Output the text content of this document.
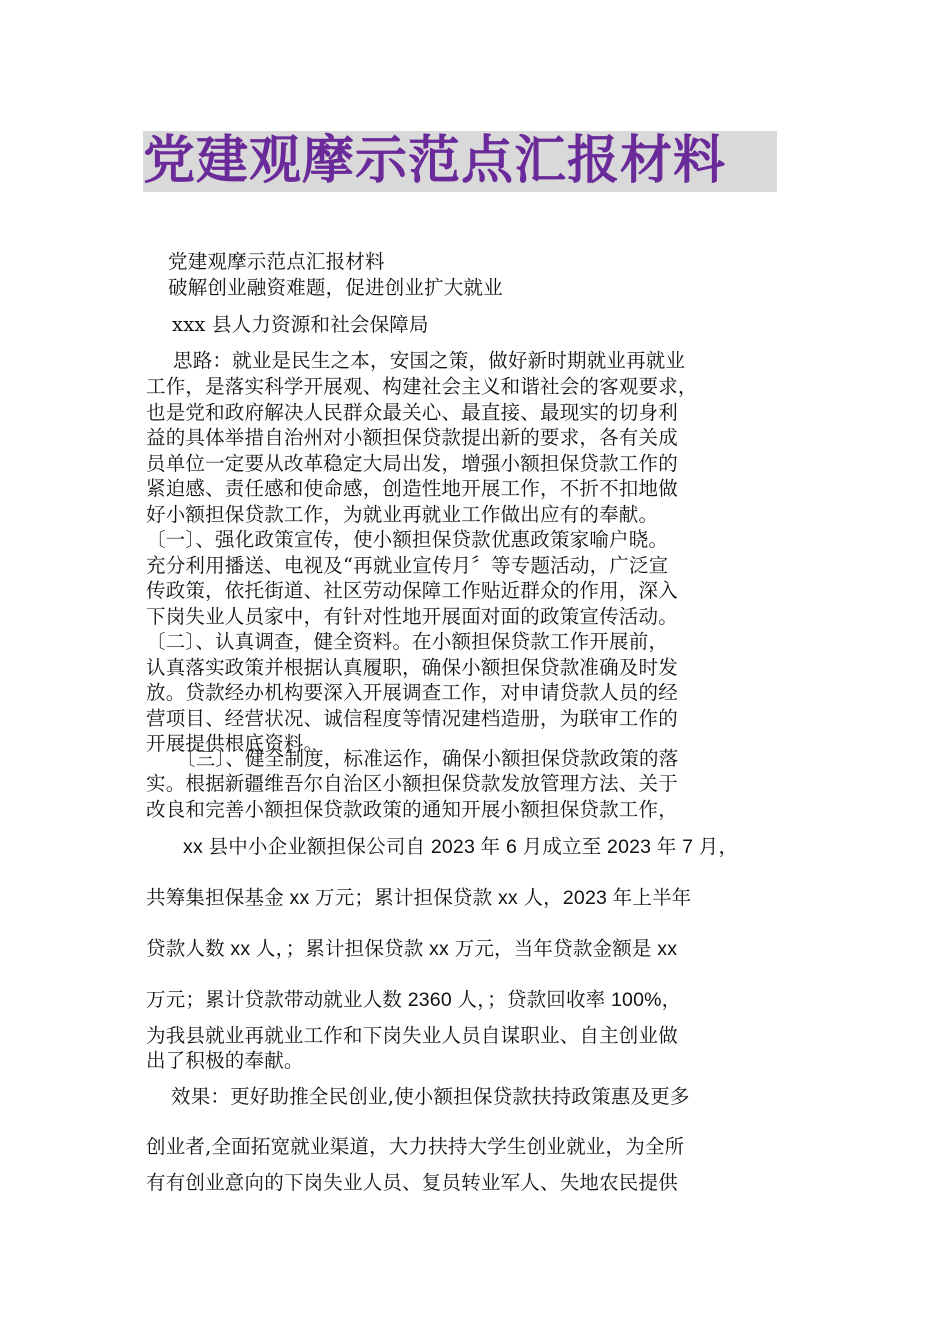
党建观摩示范点汇报材料
党建观摩示范点汇报材料
破解创业融资难题，促进创业扩大就业
xxx 县人力资源和社会保障局
思路：就业是民生之本，安国之策，做好新时期就业再就业
工作，是落实科学开展观、构建社会主义和谐社会的客观要求，
也是党和政府解决人民群众最关心、最直接、最现实的切身利
益的具体举措自治州对小额担保贷款提出新的要求，各有关成
员单位一定要从改革稳定大局出发，增强小额担保贷款工作的
紧迫感、责任感和使命感，创造性地开展工作，不折不扣地做
好小额担保贷款工作，为就业再就业工作做出应有的奉献。
〔一〕、强化政策宣传，使小额担保贷款优惠政策家喻户晓。
充分利用播送、电视及“再就业宣传月〞等专题活动，广泛宣
传政策，依托街道、社区劳动保障工作贴近群众的作用，深入
下岗失业人员家中，有针对性地开展面对面的政策宣传活动。
〔二〕、认真调查，健全资料。在小额担保贷款工作开展前，
认真落实政策并根据认真履职，确保小额担保贷款准确及时发
放。贷款经办机构要深入开展调查工作，对申请贷款人员的经
营项目、经营状况、诚信程度等情况建档造册，为联审工作的
开展提供根底资料。
〔三〕、健全制度，标准运作，确保小额担保贷款政策的落
实。根据新疆维吾尔自治区小额担保贷款发放管理方法、关于
改良和完善小额担保贷款政策的通知开展小额担保贷款工作，
xx 县中小企业额担保公司自 2023 年 6 月成立至 2023 年 7 月，
共筹集担保基金 xx 万元；累计担保贷款 xx 人，2023 年上半年
贷款人数 xx 人，；累计担保贷款 xx 万元，当年贷款金额是 xx
万元；累计贷款带动就业人数 2360 人，；贷款回收率 100%，
为我县就业再就业工作和下岗失业人员自谋职业、自主创业做
出了积极的奉献。
效果：更好助推全民创业,使小额担保贷款扶持政策惠及更多
创业者,全面拓宽就业渠道，大力扶持大学生创业就业，为全所
有有创业意向的下岗失业人员、复员转业军人、失地农民提供
